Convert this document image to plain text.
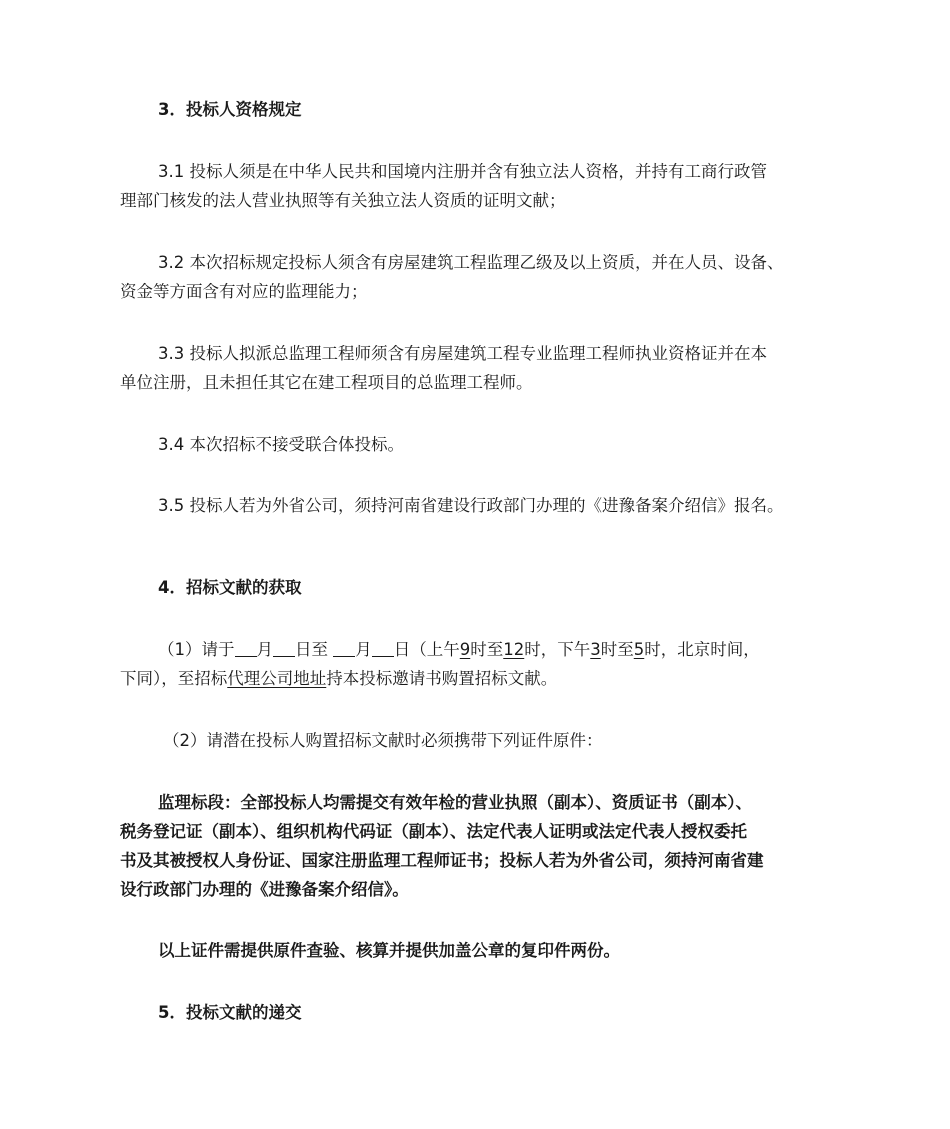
3．投标人资格规定
3.1 投标人须是在中华人民共和国境内注册并含有独立法人资格，并持有工商行政管
理部门核发的法人营业执照等有关独立法人资质的证明文献；
3.2 本次招标规定投标人须含有房屋建筑工程监理乙级及以上资质，并在人员、设备、
资金等方面含有对应的监理能力；
3.3 投标人拟派总监理工程师须含有房屋建筑工程专业监理工程师执业资格证并在本
单位注册，且未担任其它在建工程项目的总监理工程师。
3.4 本次招标不接受联合体投标。
3.5 投标人若为外省公司，须持河南省建设行政部门办理的《进豫备案介绍信》报名。
4．招标文献的获取
（1）请于 月 日至 月 日（上午9时至12时，下午3时至5时，北京时间，
下同），至招标代理公司地址持本投标邀请书购置招标文献。
（2）请潜在投标人购置招标文献时必须携带下列证件原件：
监理标段：全部投标人均需提交有效年检的营业执照（副本）、资质证书（副本）、
税务登记证（副本）、组织机构代码证（副本）、法定代表人证明或法定代表人授权委托
书及其被授权人身份证、国家注册监理工程师证书；投标人若为外省公司，须持河南省建
设行政部门办理的《进豫备案介绍信》。
以上证件需提供原件查验、核算并提供加盖公章的复印件两份。
5．投标文献的递交
